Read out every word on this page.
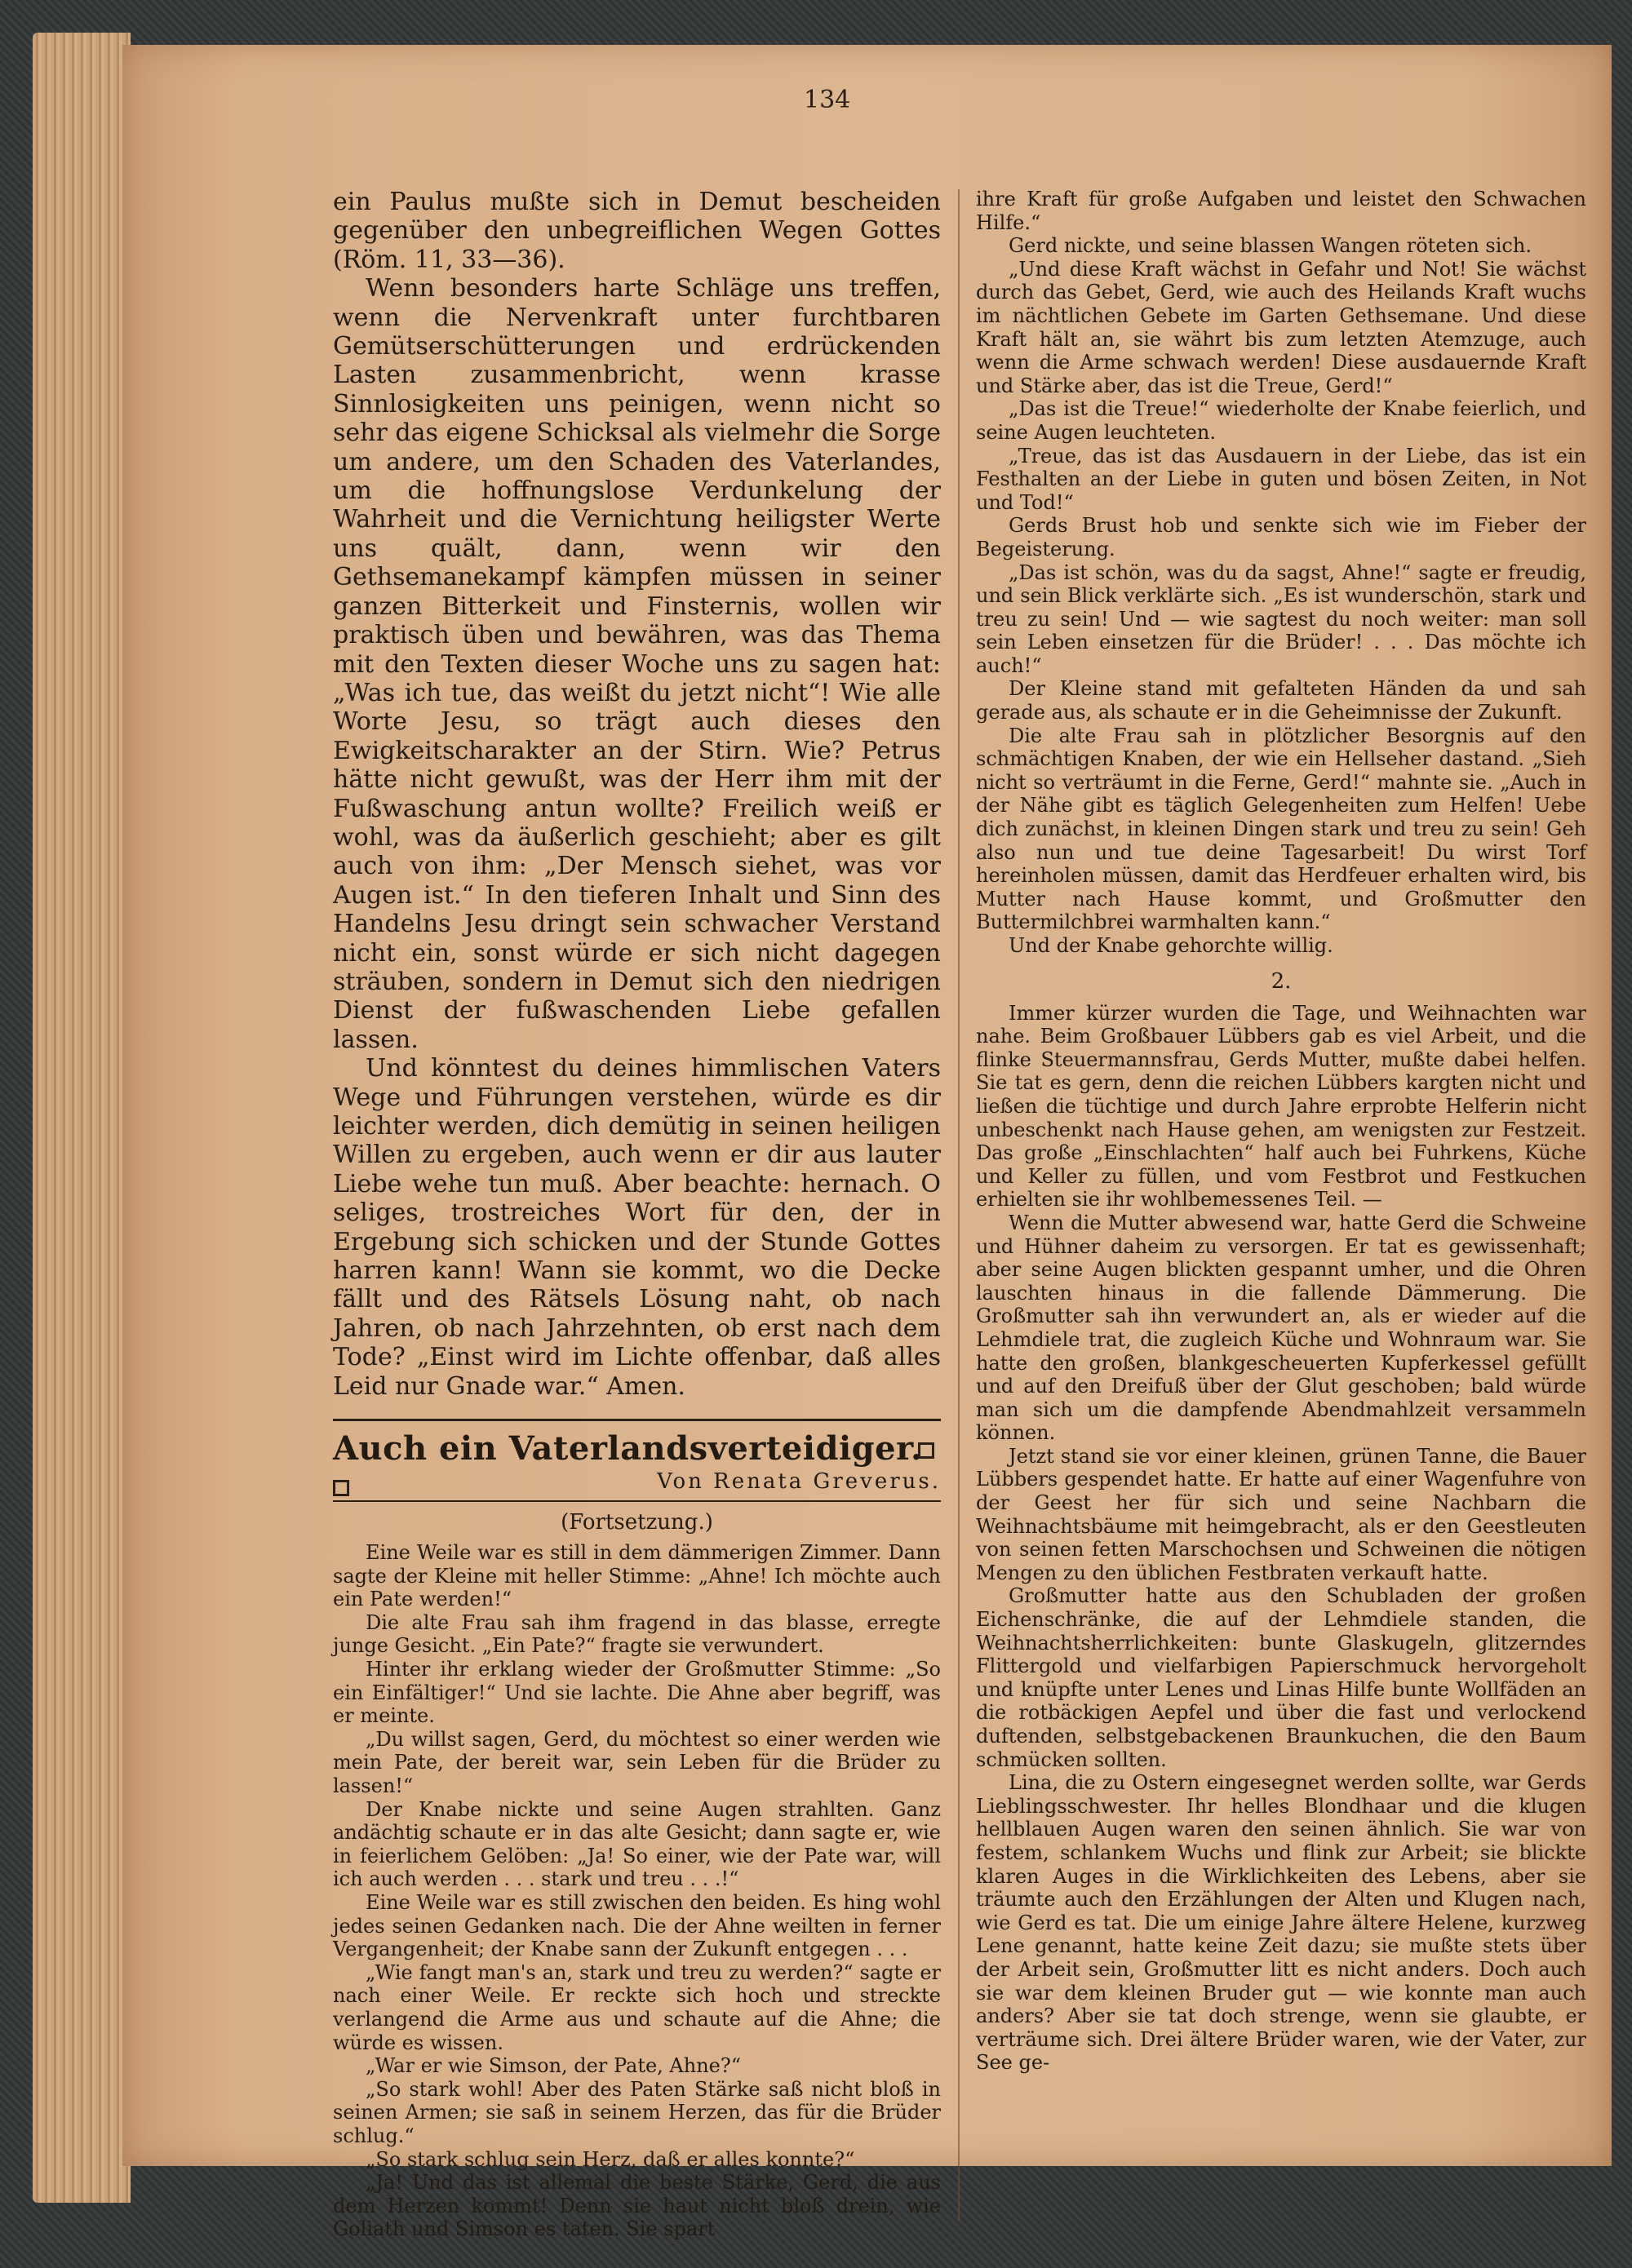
134

ein Paulus mußte sich in Demut bescheiden gegenüber den unbegreiflichen Wegen Gottes (Röm. 11, 33—36).

Wenn besonders harte Schläge uns treffen, wenn die Nervenkraft unter furchtbaren Gemütserschütterungen und erdrückenden Lasten zusammenbricht, wenn krasse Sinnlosigkeiten uns peinigen, wenn nicht so sehr das eigene Schicksal als vielmehr die Sorge um andere, um den Schaden des Vaterlandes, um die hoffnungslose Verdunkelung der Wahrheit und die Vernichtung heiligster Werte uns quält, dann, wenn wir den Gethsemanekampf kämpfen müssen in seiner ganzen Bitterkeit und Finsternis, wollen wir praktisch üben und bewähren, was das Thema mit den Texten dieser Woche uns zu sagen hat: „Was ich tue, das weißt du jetzt nicht“! Wie alle Worte Jesu, so trägt auch dieses den Ewigkeitscharakter an der Stirn. Wie? Petrus hätte nicht gewußt, was der Herr ihm mit der Fußwaschung antun wollte? Freilich weiß er wohl, was da äußerlich geschieht; aber es gilt auch von ihm: „Der Mensch siehet, was vor Augen ist.“ In den tieferen Inhalt und Sinn des Handelns Jesu dringt sein schwacher Verstand nicht ein, sonst würde er sich nicht dagegen sträuben, sondern in Demut sich den niedrigen Dienst der fußwaschenden Liebe gefallen lassen.

Und könntest du deines himmlischen Vaters Wege und Führungen verstehen, würde es dir leichter werden, dich demütig in seinen heiligen Willen zu ergeben, auch wenn er dir aus lauter Liebe wehe tun muß. Aber beachte: hernach. O seliges, trostreiches Wort für den, der in Ergebung sich schicken und der Stunde Gottes harren kann! Wann sie kommt, wo die Decke fällt und des Rätsels Lösung naht, ob nach Jahren, ob nach Jahrzehnten, ob erst nach dem Tode? „Einst wird im Lichte offenbar, daß alles Leid nur Gnade war.“ Amen.

Auch ein Vaterlandsverteidiger.

Von Renata Greverus.

(Fortsetzung.)

Eine Weile war es still in dem dämmerigen Zimmer. Dann sagte der Kleine mit heller Stimme: „Ahne! Ich möchte auch ein Pate werden!“

Die alte Frau sah ihm fragend in das blasse, erregte junge Gesicht. „Ein Pate?“ fragte sie verwundert.

Hinter ihr erklang wieder der Großmutter Stimme: „So ein Einfältiger!“ Und sie lachte. Die Ahne aber begriff, was er meinte.

„Du willst sagen, Gerd, du möchtest so einer werden wie mein Pate, der bereit war, sein Leben für die Brüder zu lassen!“

Der Knabe nickte und seine Augen strahlten. Ganz andächtig schaute er in das alte Gesicht; dann sagte er, wie in feierlichem Gelöben: „Ja! So einer, wie der Pate war, will ich auch werden . . . stark und treu . . .!“

Eine Weile war es still zwischen den beiden. Es hing wohl jedes seinen Gedanken nach. Die der Ahne weilten in ferner Vergangenheit; der Knabe sann der Zukunft entgegen . . .

„Wie fangt man's an, stark und treu zu werden?“ sagte er nach einer Weile. Er reckte sich hoch und streckte verlangend die Arme aus und schaute auf die Ahne; die würde es wissen.

„War er wie Simson, der Pate, Ahne?“

„So stark wohl! Aber des Paten Stärke saß nicht bloß in seinen Armen; sie saß in seinem Herzen, das für die Brüder schlug.“

„So stark schlug sein Herz, daß er alles konnte?“

„Ja! Und das ist allemal die beste Stärke, Gerd, die aus dem Herzen kommt! Denn sie haut nicht bloß drein, wie Goliath und Simson es taten. Sie spart

ihre Kraft für große Aufgaben und leistet den Schwachen Hilfe.“

Gerd nickte, und seine blassen Wangen röteten sich.

„Und diese Kraft wächst in Gefahr und Not! Sie wächst durch das Gebet, Gerd, wie auch des Heilands Kraft wuchs im nächtlichen Gebete im Garten Gethsemane. Und diese Kraft hält an, sie währt bis zum letzten Atemzuge, auch wenn die Arme schwach werden! Diese ausdauernde Kraft und Stärke aber, das ist die Treue, Gerd!“

„Das ist die Treue!“ wiederholte der Knabe feierlich, und seine Augen leuchteten.

„Treue, das ist das Ausdauern in der Liebe, das ist ein Festhalten an der Liebe in guten und bösen Zeiten, in Not und Tod!“

Gerds Brust hob und senkte sich wie im Fieber der Begeisterung.

„Das ist schön, was du da sagst, Ahne!“ sagte er freudig, und sein Blick verklärte sich. „Es ist wunderschön, stark und treu zu sein! Und — wie sagtest du noch weiter: man soll sein Leben einsetzen für die Brüder! . . . Das möchte ich auch!“

Der Kleine stand mit gefalteten Händen da und sah gerade aus, als schaute er in die Geheimnisse der Zukunft.

Die alte Frau sah in plötzlicher Besorgnis auf den schmächtigen Knaben, der wie ein Hellseher dastand. „Sieh nicht so verträumt in die Ferne, Gerd!“ mahnte sie. „Auch in der Nähe gibt es täglich Gelegenheiten zum Helfen! Uebe dich zunächst, in kleinen Dingen stark und treu zu sein! Geh also nun und tue deine Tagesarbeit! Du wirst Torf hereinholen müssen, damit das Herdfeuer erhalten wird, bis Mutter nach Hause kommt, und Großmutter den Buttermilchbrei warmhalten kann.“

Und der Knabe gehorchte willig.

2.

Immer kürzer wurden die Tage, und Weihnachten war nahe. Beim Großbauer Lübbers gab es viel Arbeit, und die flinke Steuermannsfrau, Gerds Mutter, mußte dabei helfen. Sie tat es gern, denn die reichen Lübbers kargten nicht und ließen die tüchtige und durch Jahre erprobte Helferin nicht unbeschenkt nach Hause gehen, am wenigsten zur Festzeit. Das große „Einschlachten“ half auch bei Fuhrkens, Küche und Keller zu füllen, und vom Festbrot und Festkuchen erhielten sie ihr wohlbemessenes Teil. —

Wenn die Mutter abwesend war, hatte Gerd die Schweine und Hühner daheim zu versorgen. Er tat es gewissenhaft; aber seine Augen blickten gespannt umher, und die Ohren lauschten hinaus in die fallende Dämmerung. Die Großmutter sah ihn verwundert an, als er wieder auf die Lehmdiele trat, die zugleich Küche und Wohnraum war. Sie hatte den großen, blankgescheuerten Kupferkessel gefüllt und auf den Dreifuß über der Glut geschoben; bald würde man sich um die dampfende Abendmahlzeit versammeln können.

Jetzt stand sie vor einer kleinen, grünen Tanne, die Bauer Lübbers gespendet hatte. Er hatte auf einer Wagenfuhre von der Geest her für sich und seine Nachbarn die Weihnachtsbäume mit heimgebracht, als er den Geestleuten von seinen fetten Marschochsen und Schweinen die nötigen Mengen zu den üblichen Festbraten verkauft hatte.

Großmutter hatte aus den Schubladen der großen Eichenschränke, die auf der Lehmdiele standen, die Weihnachtsherrlichkeiten: bunte Glaskugeln, glitzerndes Flittergold und vielfarbigen Papierschmuck hervorgeholt und knüpfte unter Lenes und Linas Hilfe bunte Wollfäden an die rotbäckigen Aepfel und über die fast und verlockend duftenden, selbstgebackenen Braunkuchen, die den Baum schmücken sollten.

Lina, die zu Ostern eingesegnet werden sollte, war Gerds Lieblingsschwester. Ihr helles Blondhaar und die klugen hellblauen Augen waren den seinen ähnlich. Sie war von festem, schlankem Wuchs und flink zur Arbeit; sie blickte klaren Auges in die Wirklichkeiten des Lebens, aber sie träumte auch den Erzählungen der Alten und Klugen nach, wie Gerd es tat. Die um einige Jahre ältere Helene, kurzweg Lene genannt, hatte keine Zeit dazu; sie mußte stets über der Arbeit sein, Großmutter litt es nicht anders. Doch auch sie war dem kleinen Bruder gut — wie konnte man auch anders? Aber sie tat doch strenge, wenn sie glaubte, er verträume sich. Drei ältere Brüder waren, wie der Vater, zur See ge-
